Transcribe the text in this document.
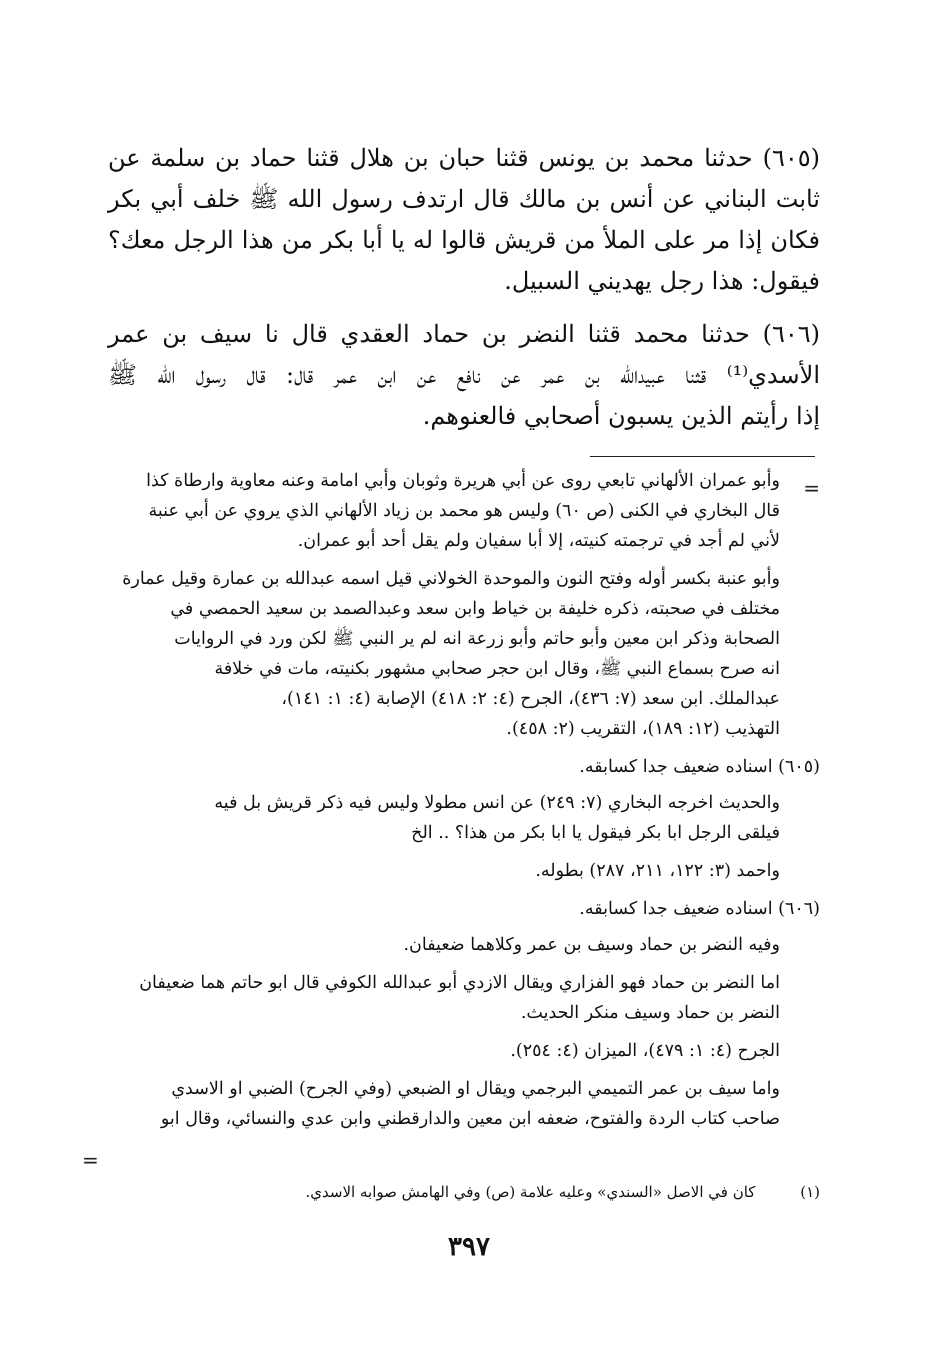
(٦٠٥) حدثنا محمد بن يونس قثنا حبان بن هلال قثنا حماد بن سلمة عن
ثابت البناني عن أنس بن مالك قال ارتدف رسول الله ﷺ خلف أبي بكر
فكان إذا مر على الملأ من قريش قالوا له يا أبا بكر من هذا الرجل معك؟
فيقول: هذا رجل يهديني السبيل.

(٦٠٦) حدثنا محمد قثنا النضر بن حماد العقدي قال نا سيف بن عمر
الأسدي⁽¹⁾ قثنا عبيدالله بن عمر عن نافع عن ابن عمر قال: قال رسول الله ﷺ
إذا رأيتم الذين يسبون أصحابي فالعنوهم.

=
وأبو عمران الألهاني تابعي روى عن أبي هريرة وثوبان وأبي امامة وعنه معاوية وارطاة كذا
قال البخاري في الكنى (ص ٦٠) وليس هو محمد بن زياد الألهاني الذي يروي عن أبي عنبة
لأني لم أجد في ترجمته كنيته، إلا أبا سفيان ولم يقل أحد أبو عمران.
وأبو عنبة بكسر أوله وفتح النون والموحدة الخولاني قيل اسمه عبدالله بن عمارة وقيل عمارة
مختلف في صحبته، ذكره خليفة بن خياط وابن سعد وعبدالصمد بن سعيد الحمصي في
الصحابة وذكر ابن معين وأبو حاتم وأبو زرعة انه لم ير النبي ﷺ لكن ورد في الروايات
انه صرح بسماع النبي ﷺ، وقال ابن حجر صحابي مشهور بكنيته، مات في خلافة
عبدالملك. ابن سعد (٧: ٤٣٦)، الجرح (٤: ٢: ٤١٨) الإصابة (٤: ١: ١٤١)،
التهذيب (١٢: ١٨٩)، التقريب (٢: ٤٥٨).
(٦٠٥) اسناده ضعيف جدا كسابقه.
والحديث اخرجه البخاري (٧: ٢٤٩) عن انس مطولا وليس فيه ذكر قريش بل فيه
فيلقى الرجل ابا بكر فيقول يا ابا بكر من هذا؟ .. الخ
واحمد (٣: ١٢٢، ٢١١، ٢٨٧) بطوله.
(٦٠٦) اسناده ضعيف جدا كسابقه.
وفيه النضر بن حماد وسيف بن عمر وكلاهما ضعيفان.
اما النضر بن حماد فهو الفزاري ويقال الازدي أبو عبدالله الكوفي قال ابو حاتم هما ضعيفان
النضر بن حماد وسيف منكر الحديث.
الجرح (٤: ١: ٤٧٩)، الميزان (٤: ٢٥٤).
واما سيف بن عمر التميمي البرجمي ويقال او الضبعي (وفي الجرح) الضبي او الاسدي
صاحب كتاب الردة والفتوح، ضعفه ابن معين والدارقطني وابن عدي والنسائي، وقال ابو
=
(١) كان في الاصل «السندي» وعليه علامة (ص) وفي الهامش صوابه الاسدي.
٣٩٧
